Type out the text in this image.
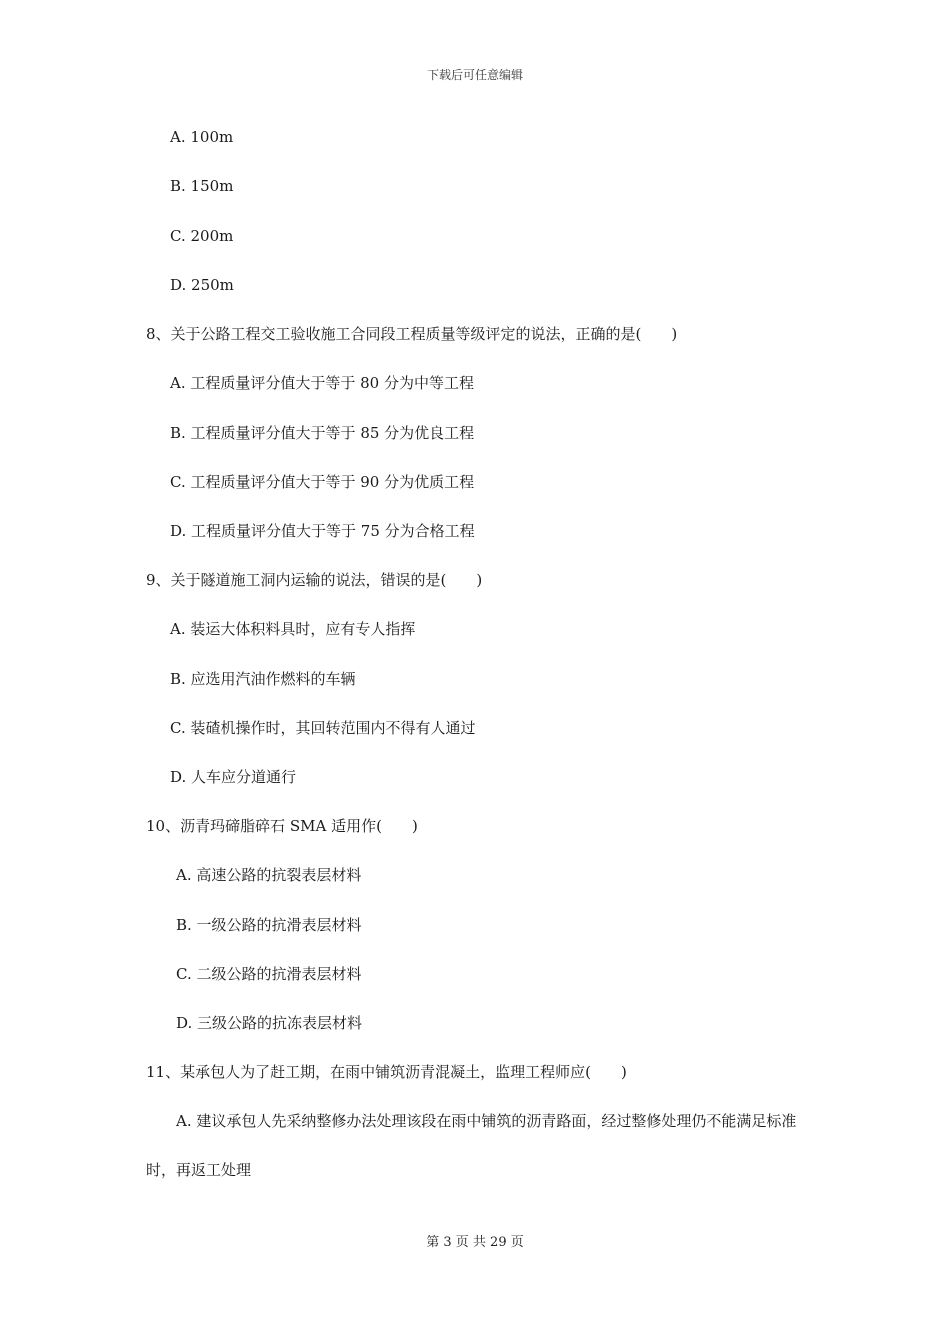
下载后可任意编辑
A. 100m
B. 150m
C. 200m
D. 250m
8、关于公路工程交工验收施工合同段工程质量等级评定的说法，正确的是(　　)
A. 工程质量评分值大于等于 80 分为中等工程
B. 工程质量评分值大于等于 85 分为优良工程
C. 工程质量评分值大于等于 90 分为优质工程
D. 工程质量评分值大于等于 75 分为合格工程
9、关于隧道施工洞内运输的说法，错误的是(　　)
A. 装运大体积料具时，应有专人指挥
B. 应选用汽油作燃料的车辆
C. 装碴机操作时，其回转范围内不得有人通过
D. 人车应分道通行
10、沥青玛碲脂碎石 SMA 适用作(　　)
A. 高速公路的抗裂表层材料
B. 一级公路的抗滑表层材料
C. 二级公路的抗滑表层材料
D. 三级公路的抗冻表层材料
11、某承包人为了赶工期，在雨中铺筑沥青混凝土，监理工程师应(　　)
A. 建议承包人先采纳整修办法处理该段在雨中铺筑的沥青路面，经过整修处理仍不能满足标准时，再返工处理
第 3 页 共 29 页
